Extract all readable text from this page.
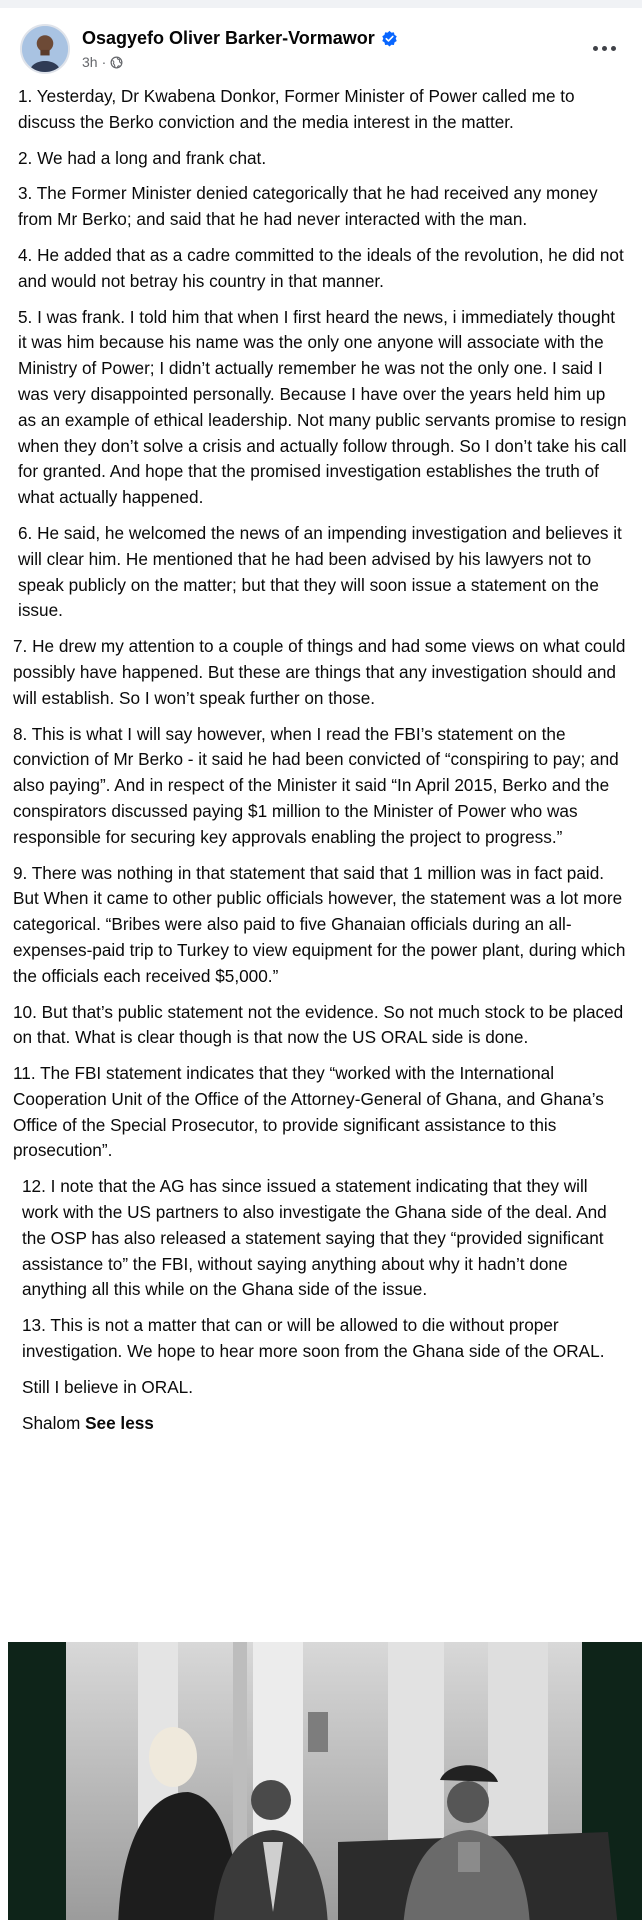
Osagyefo Oliver Barker-Vormawor
3h ·

1. Yesterday, Dr Kwabena Donkor, Former Minister of Power called me to discuss the Berko conviction and the media interest in the matter.

2. We had a long and frank chat.

3. The Former Minister denied categorically that he had received any money from Mr Berko; and said that he had never interacted with the man.

4. He added that as a cadre committed to the ideals of the revolution, he did not and would not betray his country in that manner.

5. I was frank. I told him that when I first heard the news, i immediately thought it was him because his name was the only one anyone will associate with the Ministry of Power; I didn’t actually remember he was not the only one. I said I was very disappointed personally. Because I have over the years held him up as an example of ethical leadership. Not many public servants promise to resign when they don’t solve a crisis and actually follow through. So I don’t take his call for granted. And hope that the promised investigation establishes the truth of what actually happened.

6. He said, he welcomed the news of an impending investigation and believes it will clear him. He mentioned that he had been advised by his lawyers not to speak publicly on the matter; but that they will soon issue a statement on the issue.

7. He drew my attention to a couple of things and had some views on what could possibly have happened. But these are things that any investigation should and will establish. So I won’t speak further on those.

8. This is what I will say however, when I read the FBI’s statement on the conviction of Mr Berko - it said he had been convicted of “conspiring to pay; and also paying”. And in respect of the Minister it said “In April 2015, Berko and the conspirators discussed paying $1 million to the Minister of Power who was responsible for securing key approvals enabling the project to progress.”

9. There was nothing in that statement that said that 1 million was in fact paid. But When it came to other public officials however, the statement was a lot more categorical. “Bribes were also paid to five Ghanaian officials during an all-expenses-paid trip to Turkey to view equipment for the power plant, during which the officials each received $5,000.”

10. But that’s public statement not the evidence. So not much stock to be placed on that. What is clear though is that now the US ORAL side is done.

11. The FBI statement indicates that they “worked with the International Cooperation Unit of the Office of the Attorney-General of Ghana, and Ghana’s Office of the Special Prosecutor, to provide significant assistance to this prosecution”.

12. I note that the AG has since issued a statement indicating that they will work with the US partners to also investigate the Ghana side of the deal. And the OSP has also released a statement saying that they “provided significant assistance to” the FBI, without saying anything about why it hadn’t done anything all this while on the Ghana side of the issue.

13. This is not a matter that can or will be allowed to die without proper investigation. We hope to hear more soon from the Ghana side of the ORAL.

Still I believe in ORAL.

Shalom See less
